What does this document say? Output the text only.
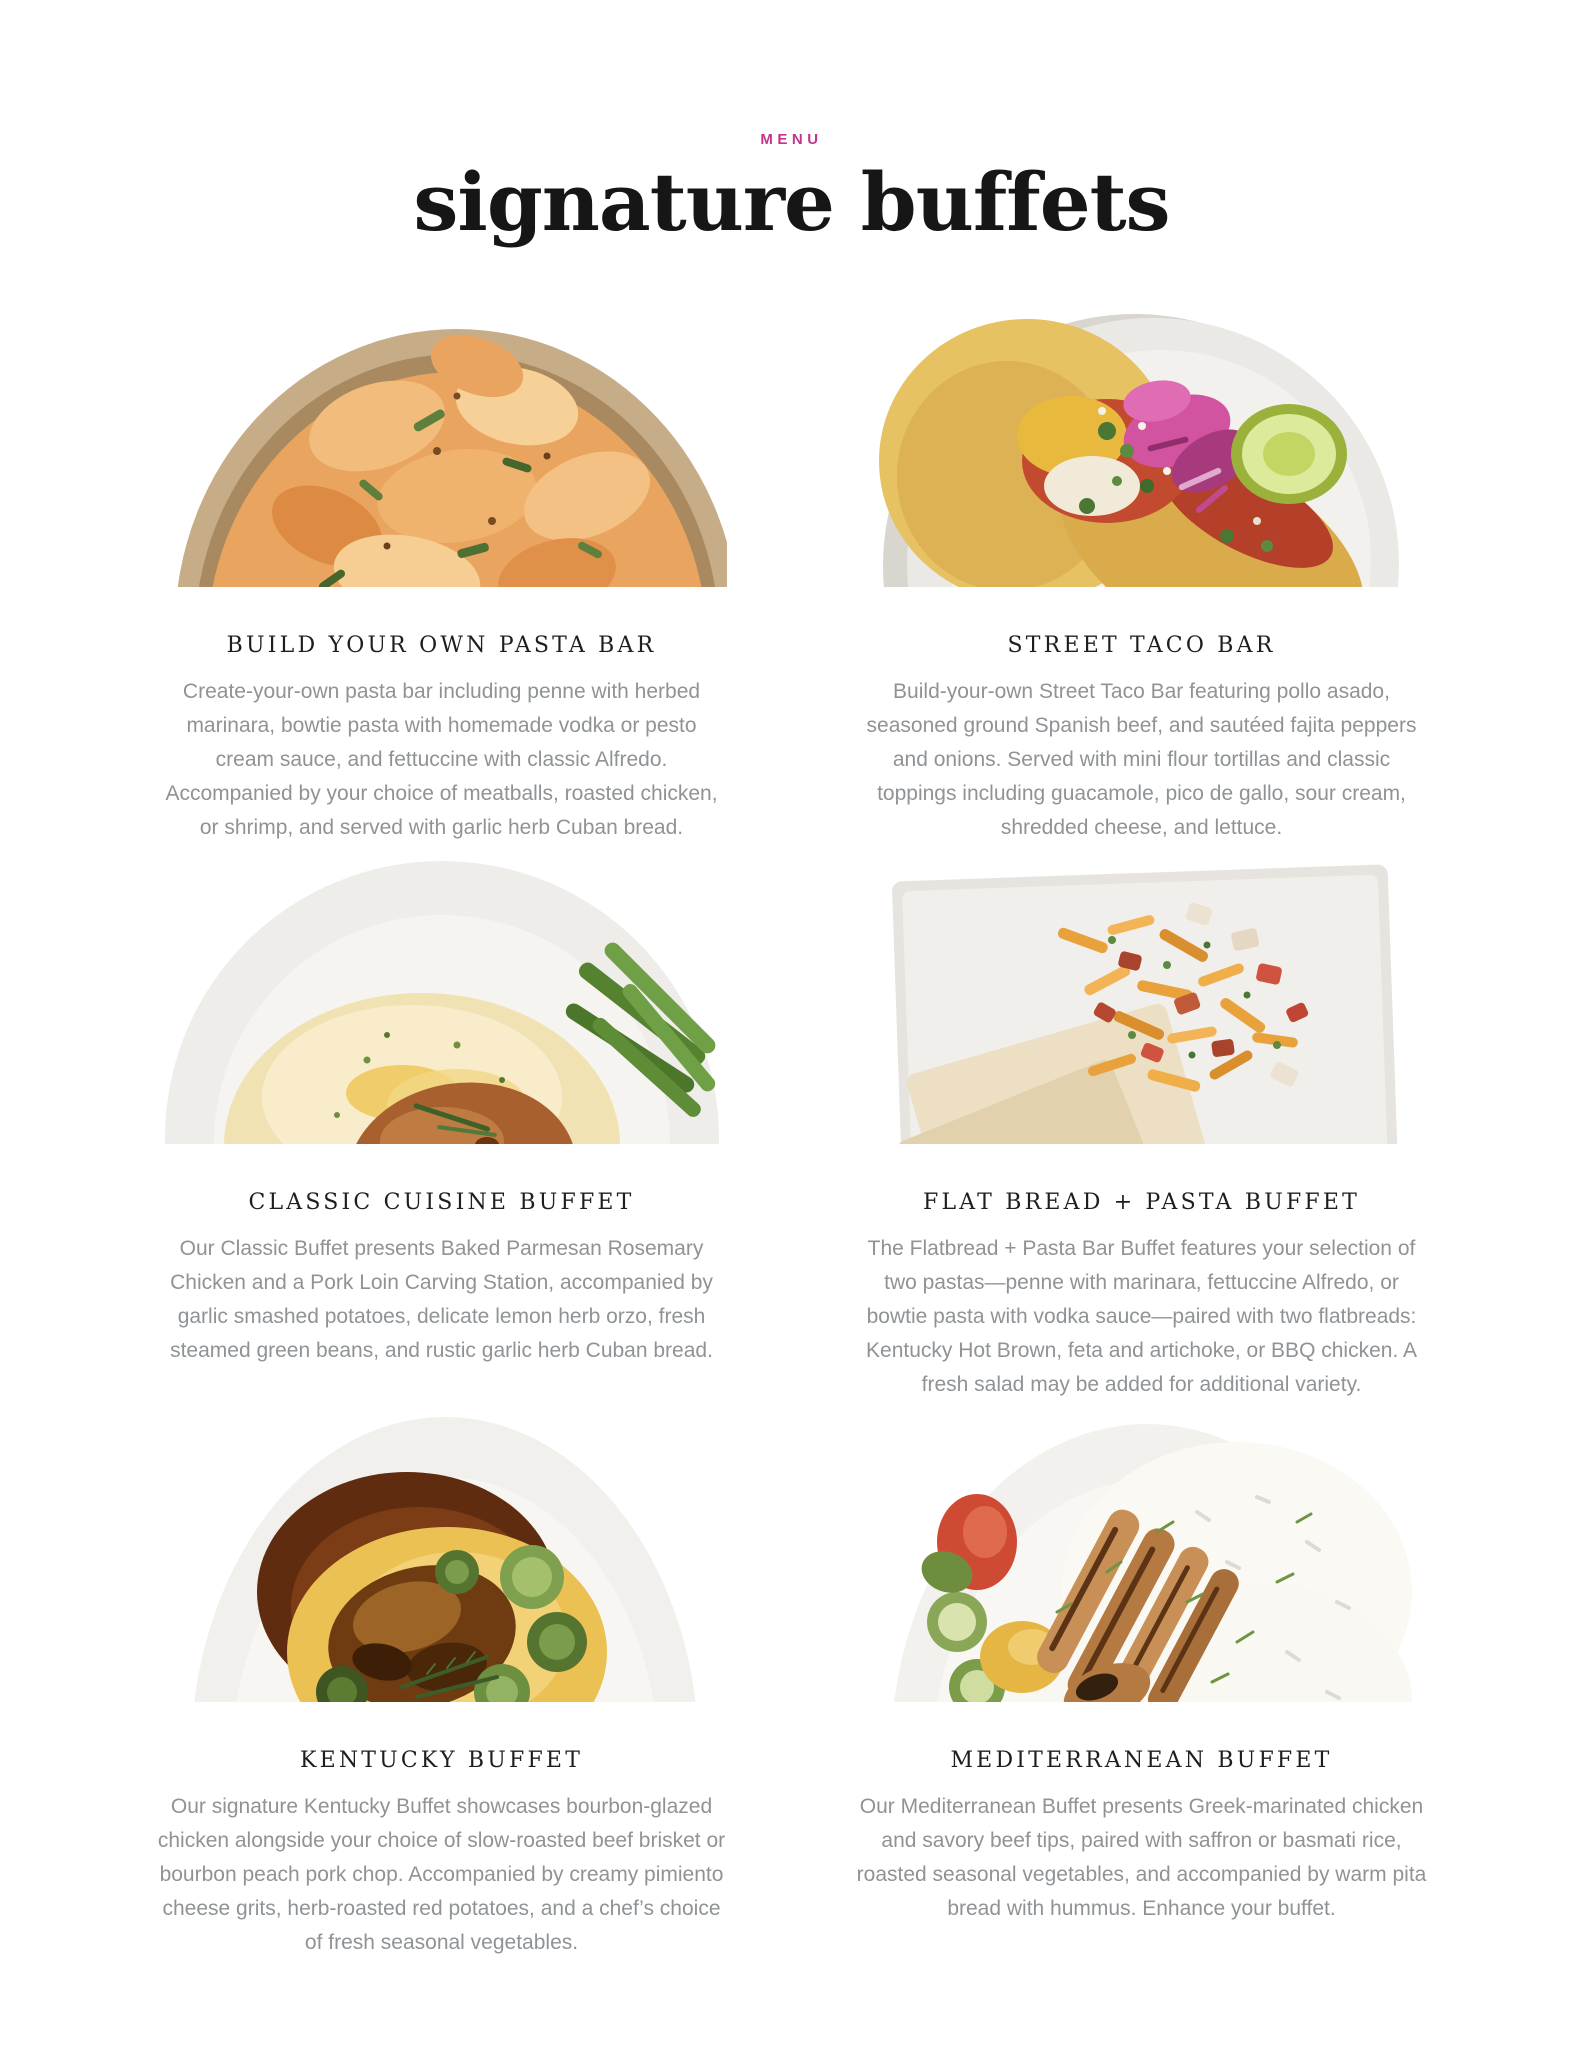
MENU

signature buffets
BUILD YOUR OWN PASTA BAR
Create-your-own pasta bar including penne with herbed marinara, bowtie pasta with homemade vodka or pesto cream sauce, and fettuccine with classic Alfredo. Accompanied by your choice of meatballs, roasted chicken, or shrimp, and served with garlic herb Cuban bread.
STREET TACO BAR
Build-your-own Street Taco Bar featuring pollo asado, seasoned ground Spanish beef, and sautéed fajita peppers and onions. Served with mini flour tortillas and classic toppings including guacamole, pico de gallo, sour cream, shredded cheese, and lettuce.
CLASSIC CUISINE BUFFET
Our Classic Buffet presents Baked Parmesan Rosemary Chicken and a Pork Loin Carving Station, accompanied by garlic smashed potatoes, delicate lemon herb orzo, fresh steamed green beans, and rustic garlic herb Cuban bread.
FLAT BREAD + PASTA BUFFET
The Flatbread + Pasta Bar Buffet features your selection of two pastas—penne with marinara, fettuccine Alfredo, or bowtie pasta with vodka sauce—paired with two flatbreads: Kentucky Hot Brown, feta and artichoke, or BBQ chicken. A fresh salad may be added for additional variety.
KENTUCKY BUFFET
Our signature Kentucky Buffet showcases bourbon-glazed chicken alongside your choice of slow-roasted beef brisket or bourbon peach pork chop. Accompanied by creamy pimiento cheese grits, herb-roasted red potatoes, and a chef’s choice of fresh seasonal vegetables.
MEDITERRANEAN BUFFET
Our Mediterranean Buffet presents Greek-marinated chicken and savory beef tips, paired with saffron or basmati rice, roasted seasonal vegetables, and accompanied by warm pita bread with hummus. Enhance your buffet.
